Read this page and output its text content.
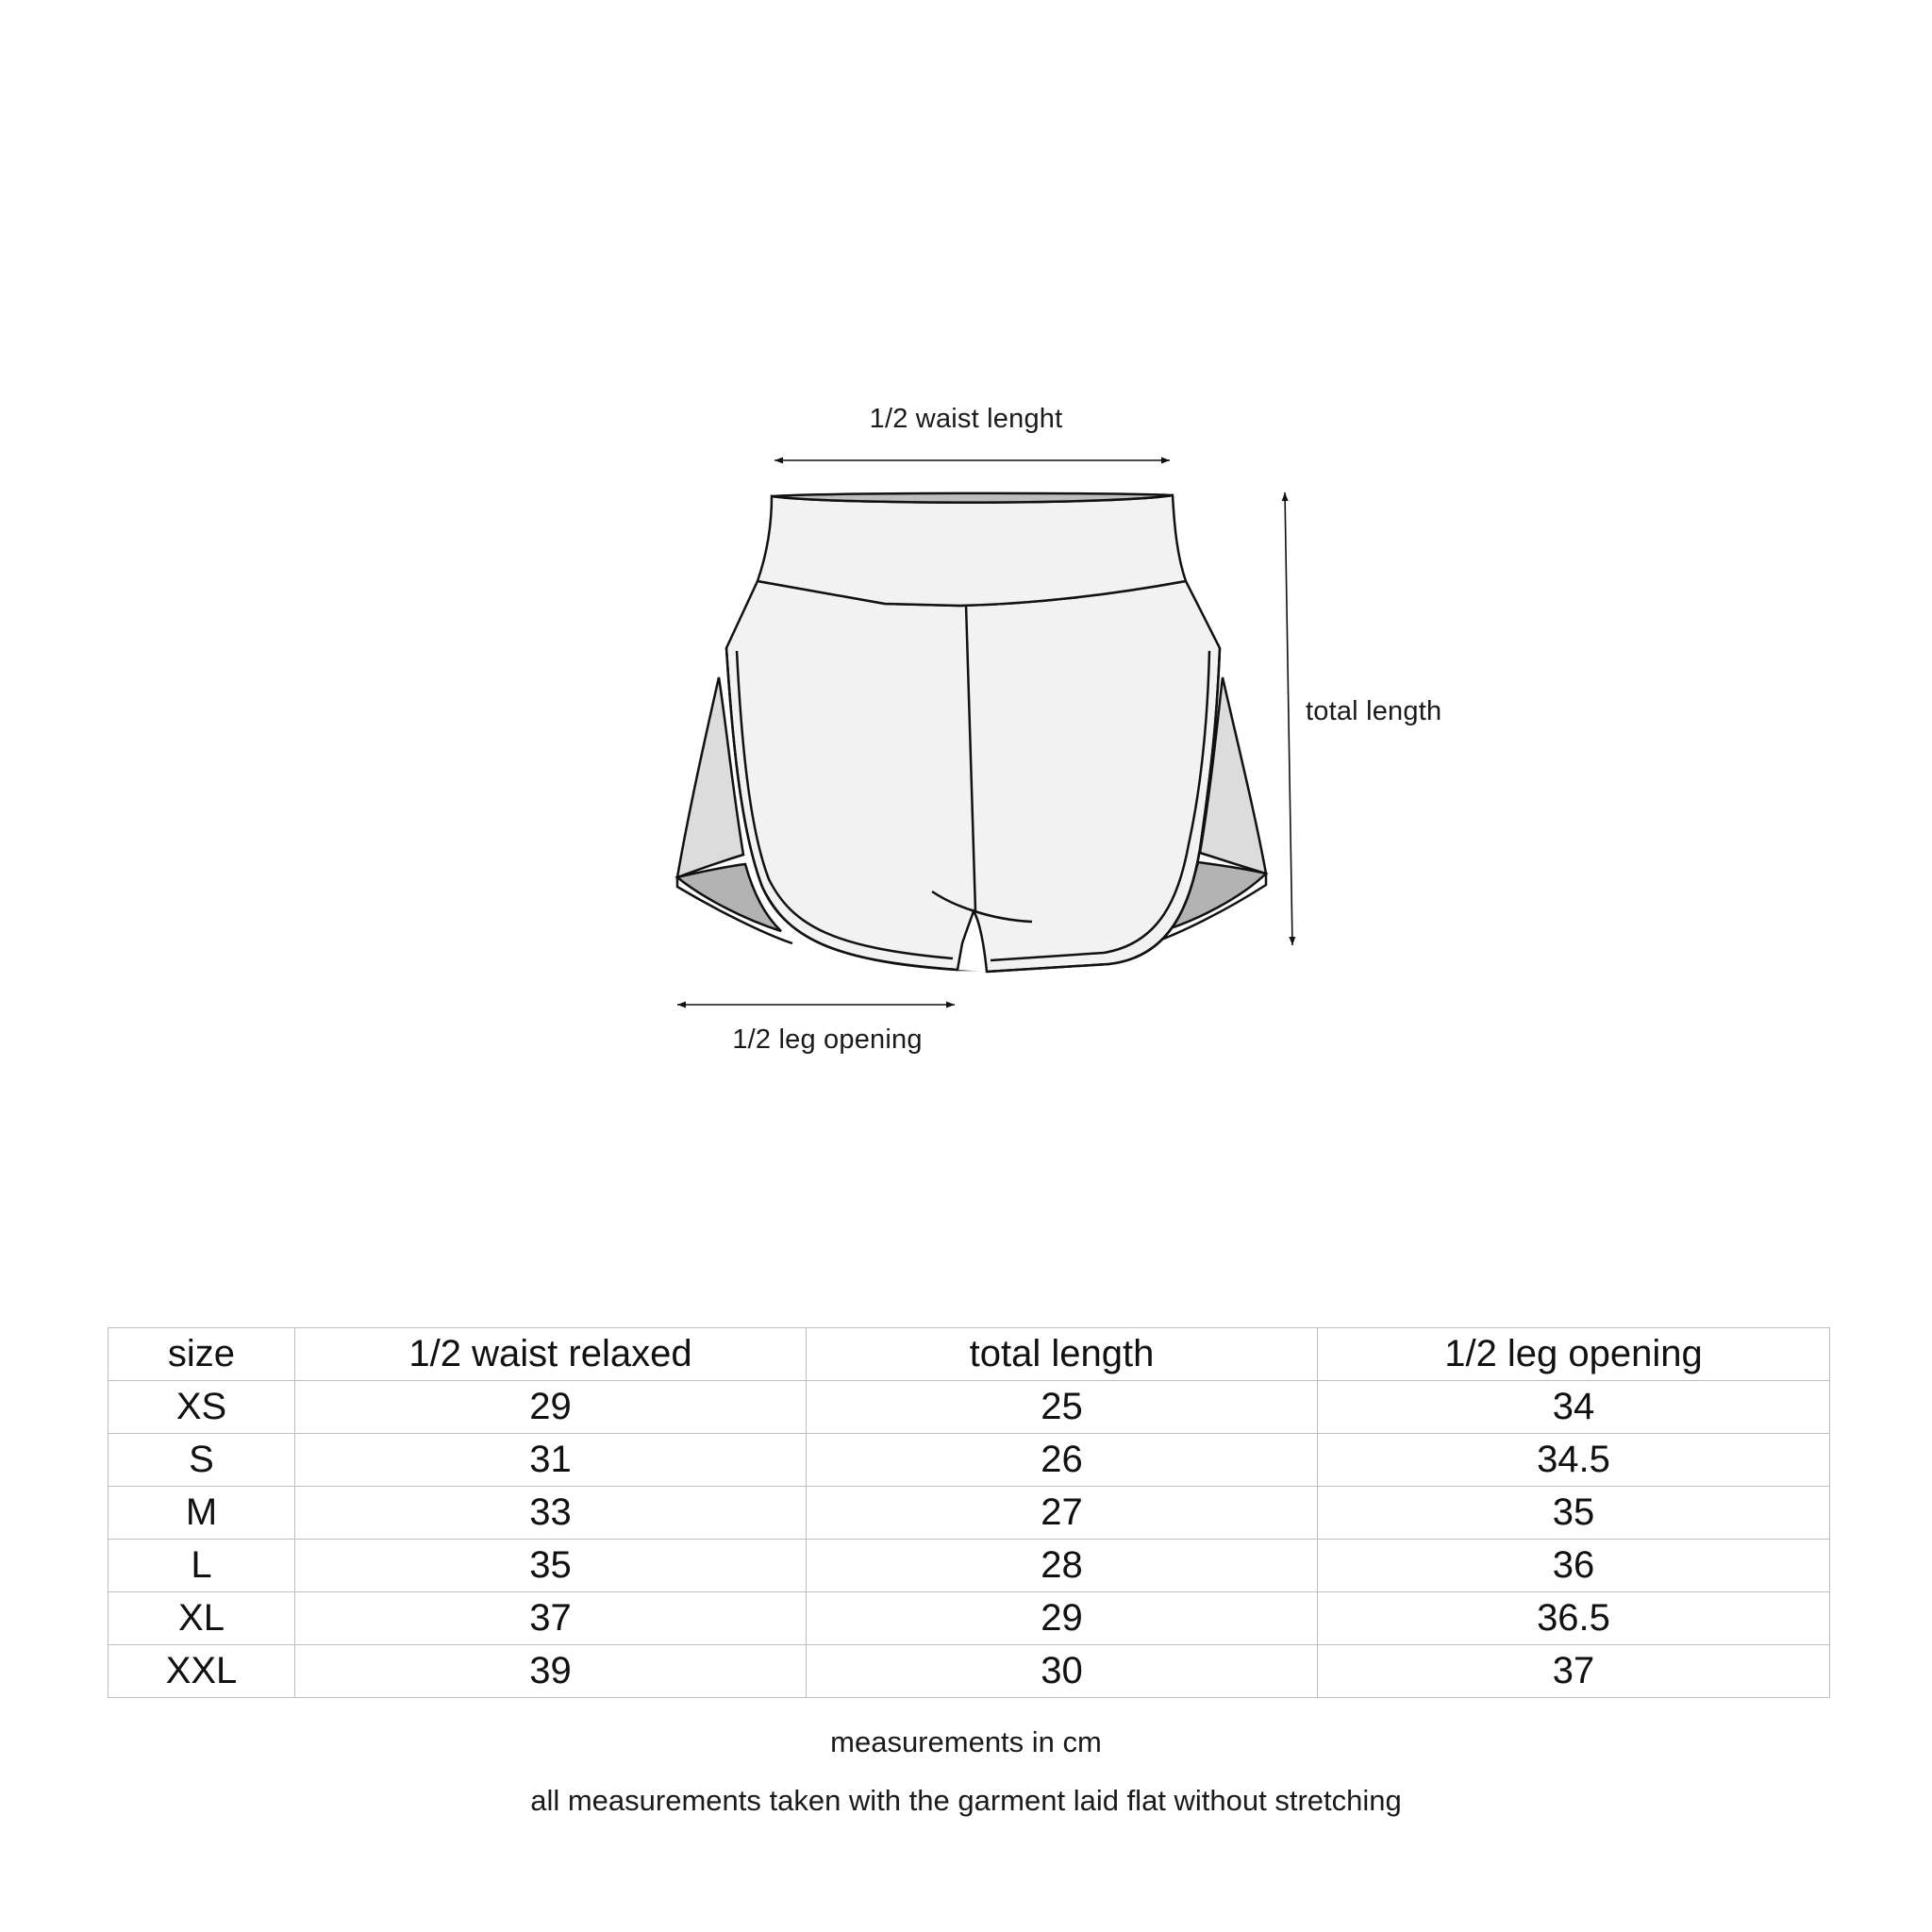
1/2 waist lenght
total length
1/2 leg opening
size	1/2 waist relaxed	total length	1/2 leg opening
XS	29	25	34
S	31	26	34.5
M	33	27	35
L	35	28	36
XL	37	29	36.5
XXL	39	30	37
measurements in cm
all measurements taken with the garment laid flat without stretching
